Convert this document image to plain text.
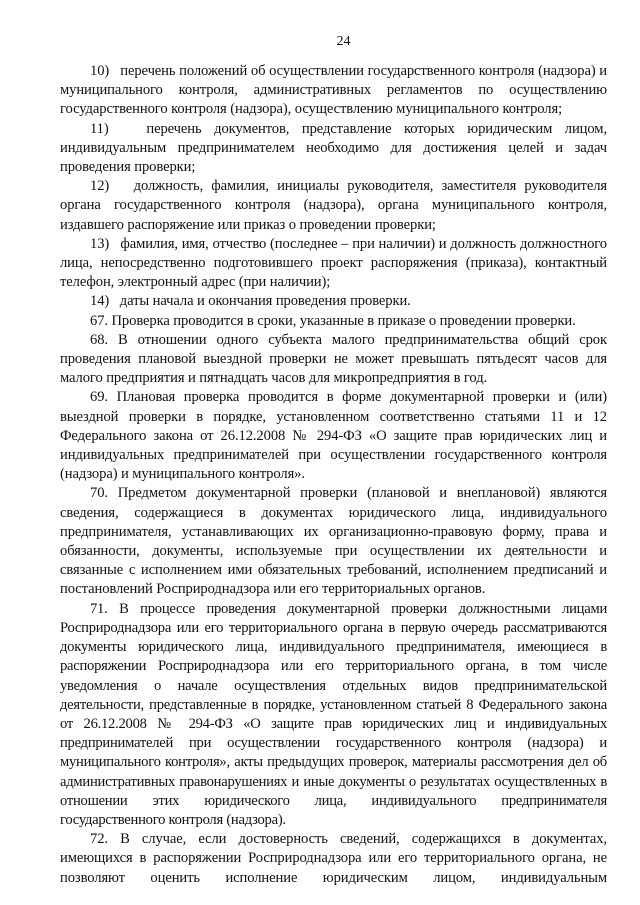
24

10)   перечень положений об осуществлении государственного контроля (надзора) и муниципального контроля, административных регламентов по осуществлению государственного контроля (надзора), осуществлению муниципального контроля;

11)   перечень документов, представление которых юридическим лицом, индивидуальным предпринимателем необходимо для достижения целей и задач проведения проверки;

12)   должность, фамилия, инициалы руководителя, заместителя руководителя органа государственного контроля (надзора), органа муниципального контроля, издавшего распоряжение или приказ о проведении проверки;

13)   фамилия, имя, отчество (последнее – при наличии) и должность должностного лица, непосредственно подготовившего проект распоряжения (приказа), контактный телефон, электронный адрес (при наличии);

14)   даты начала и окончания проведения проверки.

67. Проверка проводится в сроки, указанные в приказе о проведении проверки.

68. В отношении одного субъекта малого предпринимательства общий срок проведения плановой выездной проверки не может превышать пятьдесят часов для малого предприятия и пятнадцать часов для микропредприятия в год.

69. Плановая проверка проводится в форме документарной проверки и (или) выездной проверки в порядке, установленном соответственно статьями 11 и 12 Федерального закона от 26.12.2008 № 294-ФЗ «О защите прав юридических лиц и индивидуальных предпринимателей при осуществлении государственного контроля (надзора) и муниципального контроля».

70. Предметом документарной проверки (плановой и внеплановой) являются сведения, содержащиеся в документах юридического лица, индивидуального предпринимателя, устанавливающих их организационно-правовую форму, права и обязанности, документы, используемые при осуществлении их деятельности и связанные с исполнением ими обязательных требований, исполнением предписаний и постановлений Росприроднадзора или его территориальных органов.

71. В процессе проведения документарной проверки должностными лицами Росприроднадзора или его территориального органа в первую очередь рассматриваются документы юридического лица, индивидуального предпринимателя, имеющиеся в распоряжении Росприроднадзора или его территориального органа, в том числе уведомления о начале осуществления отдельных видов предпринимательской деятельности, представленные в порядке, установленном статьей 8 Федерального закона от 26.12.2008 № 294-ФЗ «О защите прав юридических лиц и индивидуальных предпринимателей при осуществлении государственного контроля (надзора) и муниципального контроля», акты предыдущих проверок, материалы рассмотрения дел об административных правонарушениях и иные документы о результатах осуществленных в отношении этих юридического лица, индивидуального предпринимателя государственного контроля (надзора).

72. В случае, если достоверность сведений, содержащихся в документах, имеющихся в распоряжении Росприроднадзора или его территориального органа, не позволяют оценить исполнение юридическим лицом, индивидуальным
